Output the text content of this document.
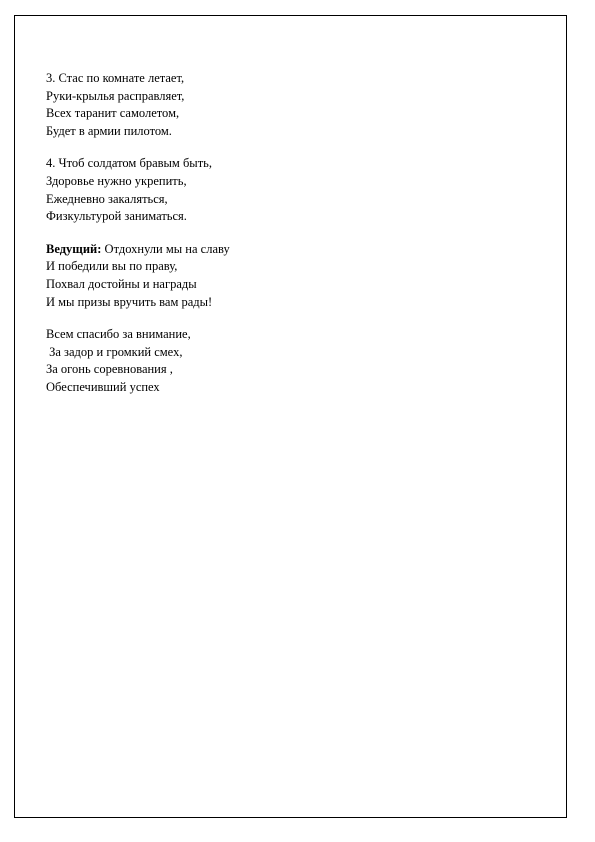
3. Стас по комнате летает,
Руки-крылья расправляет,
Всех таранит самолетом,
Будет в армии пилотом.
4. Чтоб солдатом бравым быть,
Здоровье нужно укрепить,
Ежедневно закаляться,
Физкультурой заниматься.
Ведущий: Отдохнули мы на славу
И победили вы по праву,
Похвал достойны и награды
И мы призы вручить вам рады!
Всем спасибо за внимание,
За задор и громкий смех,
За огонь соревнования ,
Обеспечивший успех
